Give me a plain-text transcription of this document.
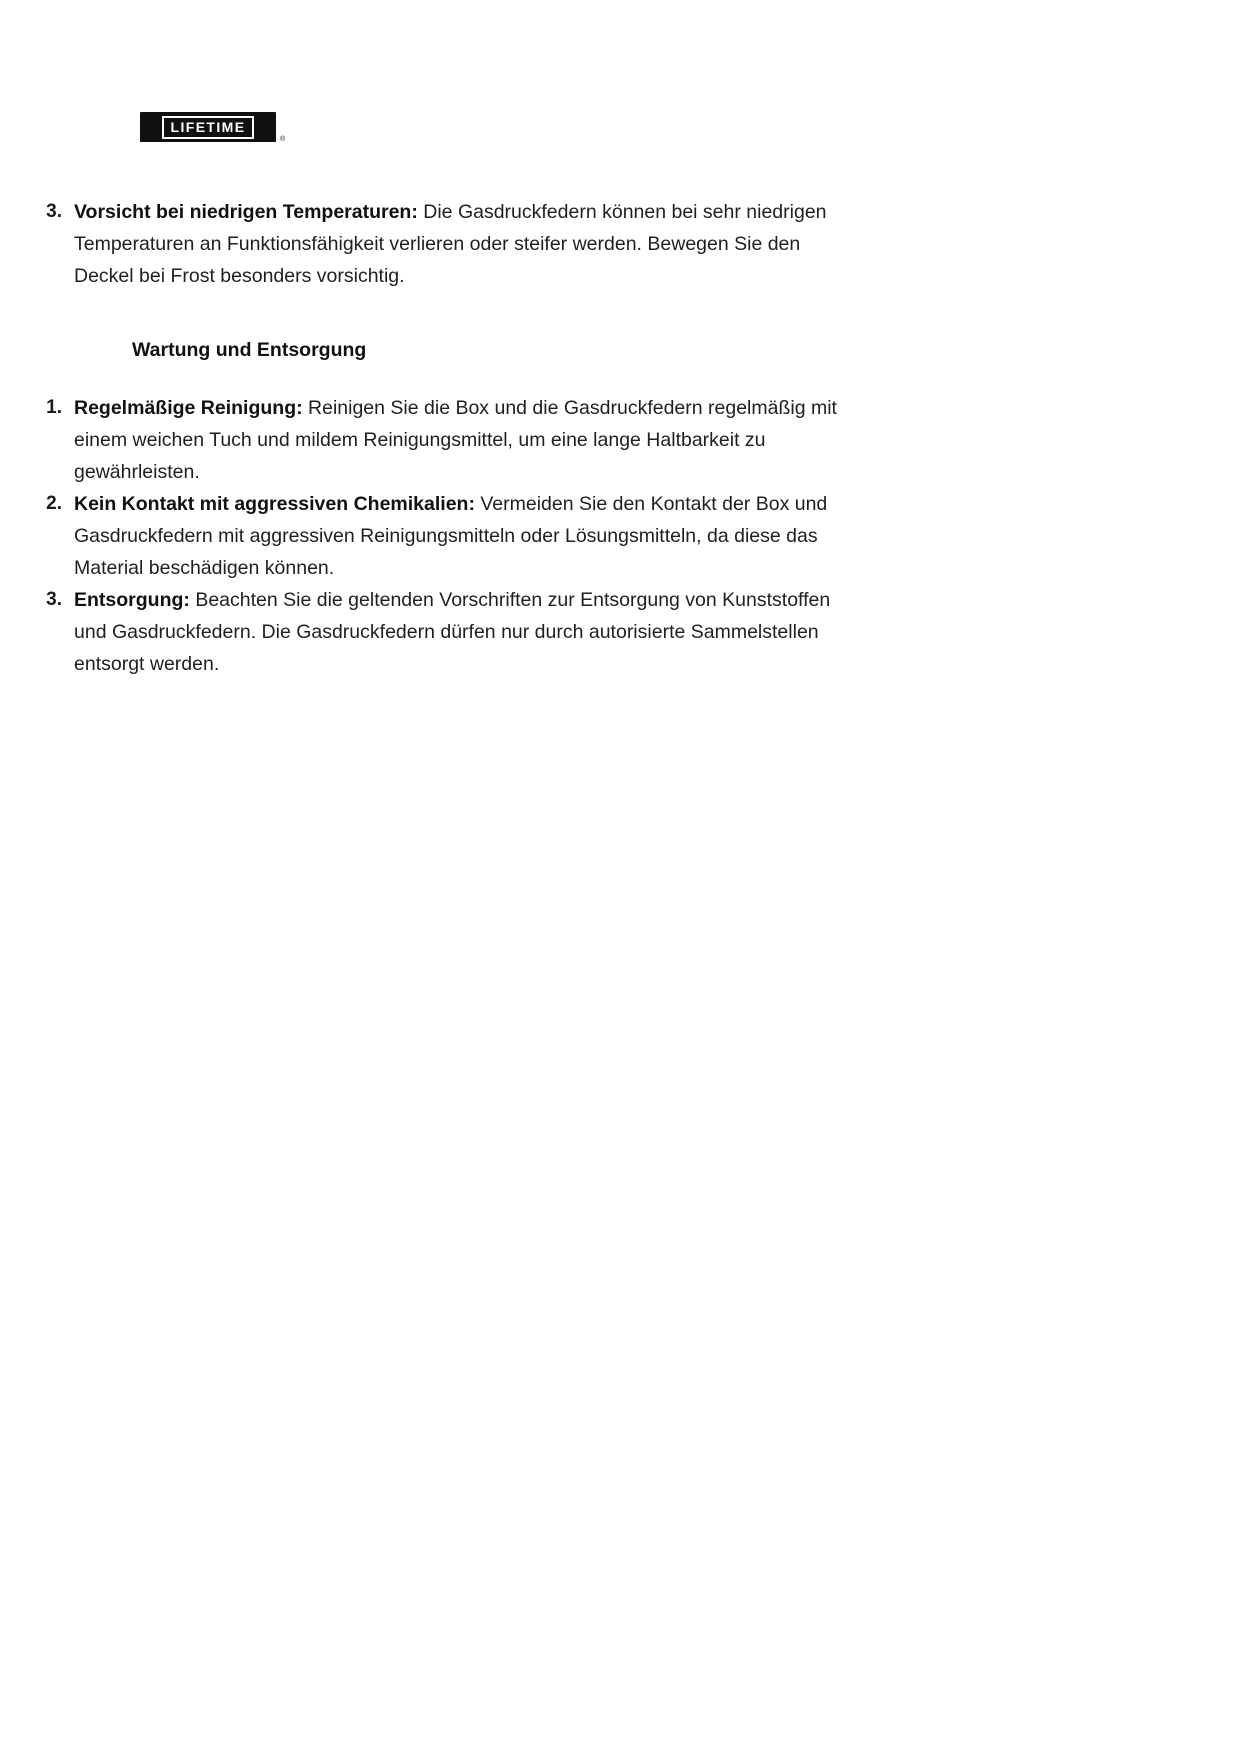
LIFETIME
®
3. Vorsicht bei niedrigen Temperaturen: Die Gasdruckfedern können bei sehr niedrigen Temperaturen an Funktionsfähigkeit verlieren oder steifer werden. Bewegen Sie den Deckel bei Frost besonders vorsichtig.
Wartung und Entsorgung
1. Regelmäßige Reinigung: Reinigen Sie die Box und die Gasdruckfedern regelmäßig mit einem weichen Tuch und mildem Reinigungsmittel, um eine lange Haltbarkeit zu gewährleisten.
2. Kein Kontakt mit aggressiven Chemikalien: Vermeiden Sie den Kontakt der Box und Gasdruckfedern mit aggressiven Reinigungsmitteln oder Lösungsmitteln, da diese das Material beschädigen können.
3. Entsorgung: Beachten Sie die geltenden Vorschriften zur Entsorgung von Kunststoffen und Gasdruckfedern. Die Gasdruckfedern dürfen nur durch autorisierte Sammelstellen entsorgt werden.
